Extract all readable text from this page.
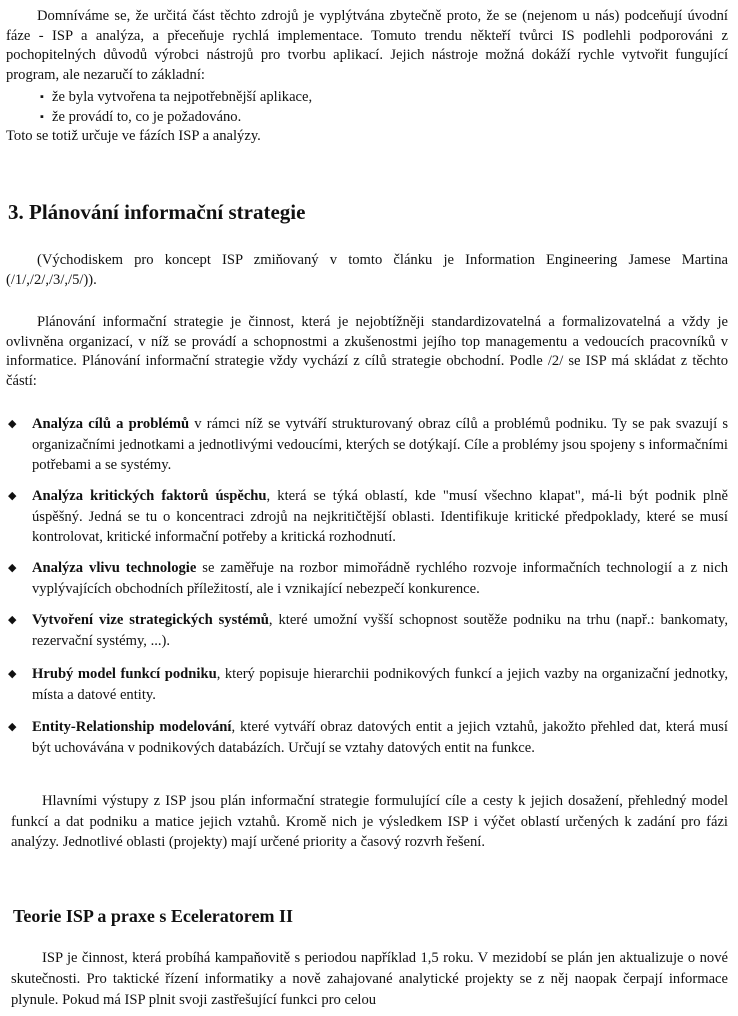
Domníváme se, že určitá část těchto zdrojů je vyplýtvána zbytečně proto, že se (nejenom u nás) podceňují úvodní fáze - ISP a analýza, a přeceňuje rychlá implementace. Tomuto trendu někteří tvůrci IS podlehli podporováni z pochopitelných důvodů výrobci nástrojů pro tvorbu aplikací. Jejich nástroje možná dokáží rychle vytvořit fungující program, ale nezaručí to základní:

▪ že byla vytvořena ta nejpotřebnější aplikace,
▪ že provádí to, co je požadováno.

Toto se totiž určuje ve fázích ISP a analýzy.

3. Plánování informační strategie

(Východiskem pro koncept ISP zmiňovaný v tomto článku je Information Engineering Jamese Martina (/1/,/2/,/3/,/5/)).

Plánování informační strategie je činnost, která je nejobtížněji standardizovatelná a formalizovatelná a vždy je ovlivněna organizací, v níž se provádí a schopnostmi a zkušenostmi jejího top managementu a vedoucích pracovníků v informatice. Plánování informační strategie vždy vychází z cílů strategie obchodní. Podle /2/ se ISP má skládat z těchto částí:

◆ Analýza cílů a problémů v rámci níž se vytváří strukturovaný obraz cílů a problémů podniku. Ty se pak svazují s organizačními jednotkami a jednotlivými vedoucími, kterých se dotýkají. Cíle a problémy jsou spojeny s informačními potřebami a se systémy.

◆ Analýza kritických faktorů úspěchu, která se týká oblastí, kde "musí všechno klapat", má-li být podnik plně úspěšný. Jedná se tu o koncentraci zdrojů na nejkritičtější oblasti. Identifikuje kritické předpoklady, které se musí kontrolovat, kritické informační potřeby a kritická rozhodnutí.

◆ Analýza vlivu technologie se zaměřuje na rozbor mimořádně rychlého rozvoje informačních technologií a z nich vyplývajících obchodních příležitostí, ale i vznikající nebezpečí konkurence.

◆ Vytvoření vize strategických systémů, které umožní vyšší schopnost soutěže podniku na trhu (např.: bankomaty, rezervační systémy, ...).

◆ Hrubý model funkcí podniku, který popisuje hierarchii podnikových funkcí a jejich vazby na organizační jednotky, místa a datové entity.

◆ Entity-Relationship modelování, které vytváří obraz datových entit a jejich vztahů, jakožto přehled dat, která musí být uchovávána v podnikových databázích. Určují se vztahy datových entit na funkce.

Hlavními výstupy z ISP jsou plán informační strategie formulující cíle a cesty k jejich dosažení, přehledný model funkcí a dat podniku a matice jejich vztahů. Kromě nich je výsledkem ISP i výčet oblastí určených k zadání pro fázi analýzy. Jednotlivé oblasti (projekty) mají určené priority a časový rozvrh řešení.

Teorie ISP a praxe s Eceleratorem II

ISP je činnost, která probíhá kampaňovitě s periodou například 1,5 roku. V mezidobí se plán jen aktualizuje o nové skutečnosti. Pro taktické řízení informatiky a nově zahajované analytické projekty se z něj naopak čerpají informace plynule. Pokud má ISP plnit svoji zastřešující funkci pro celou
